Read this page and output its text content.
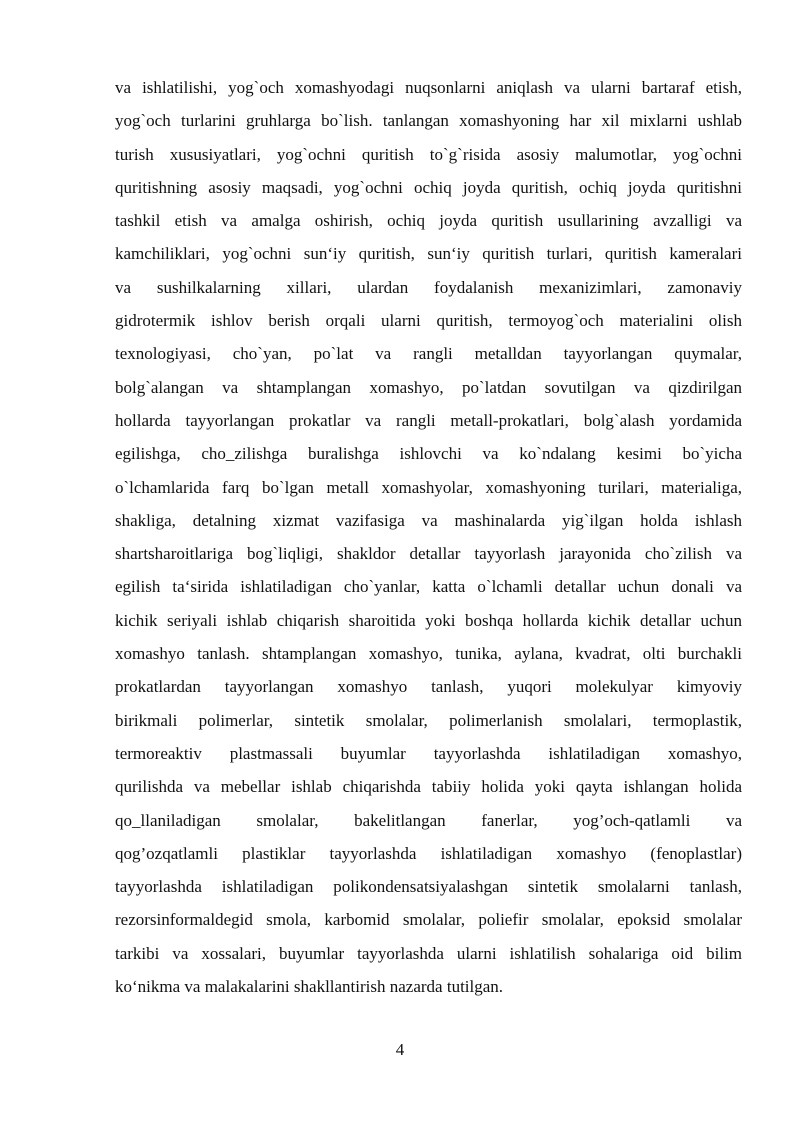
va ishlatilishi, yog`och xomashyodagi nuqsonlarni aniqlash va ularni bartaraf etish,
yog`och turlarini gruhlarga bo`lish. tanlangan xomashyoning har xil mixlarni ushlab
turish xususiyatlari, yog`ochni quritish to`g`risida asosiy malumotlar, yog`ochni
quritishning asosiy maqsadi, yog`ochni ochiq joyda quritish, ochiq joyda quritishni
tashkil etish va amalga oshirish, ochiq joyda quritish usullarining avzalligi va
kamchiliklari, yog`ochni sun‘iy quritish, sun‘iy quritish turlari, quritish kameralari
va sushilkalarning xillari, ulardan foydalanish mexanizimlari, zamonaviy
gidrotermik ishlov berish orqali ularni quritish, termoyog`och materialini olish
texnologiyasi, cho`yan, po`lat va rangli metalldan tayyorlangan quymalar,
bolg`alangan va shtamplangan xomashyo, po`latdan sovutilgan va qizdirilgan
hollarda tayyorlangan prokatlar va rangli metall-prokatlari, bolg`alash yordamida
egilishga, cho_zilishga buralishga ishlovchi va ko`ndalang kesimi bo`yicha
o`lchamlarida farq bo`lgan metall xomashyolar, xomashyoning turilari, materialiga,
shakliga, detalning xizmat vazifasiga va mashinalarda yig`ilgan holda ishlash
shartsharoitlariga bog`liqligi, shakldor detallar tayyorlash jarayonida cho`zilish va
egilish ta‘sirida ishlatiladigan cho`yanlar, katta o`lchamli detallar uchun donali va
kichik seriyali ishlab chiqarish sharoitida yoki boshqa hollarda kichik detallar uchun
xomashyo tanlash. shtamplangan xomashyo, tunika, aylana, kvadrat, olti burchakli
prokatlardan tayyorlangan xomashyo tanlash, yuqori molekulyar kimyoviy
birikmali polimerlar, sintetik smolalar, polimerlanish smolalari, termoplastik,
termoreaktiv plastmassali buyumlar tayyorlashda ishlatiladigan xomashyo,
qurilishda va mebellar ishlab chiqarishda tabiiy holida yoki qayta ishlangan holida
qo_llaniladigan smolalar, bakelitlangan fanerlar, yog’och-qatlamli va
qog’ozqatlamli plastiklar tayyorlashda ishlatiladigan xomashyo (fenoplastlar)
tayyorlashda ishlatiladigan polikondensatsiyalashgan sintetik smolalarni tanlash,
rezorsinformaldegid smola, karbomid smolalar, poliefir smolalar, epoksid smolalar
tarkibi va xossalari, buyumlar tayyorlashda ularni ishlatilish sohalariga oid bilim
ko‘nikma va malakalarini shakllantirish nazarda tutilgan.
4
